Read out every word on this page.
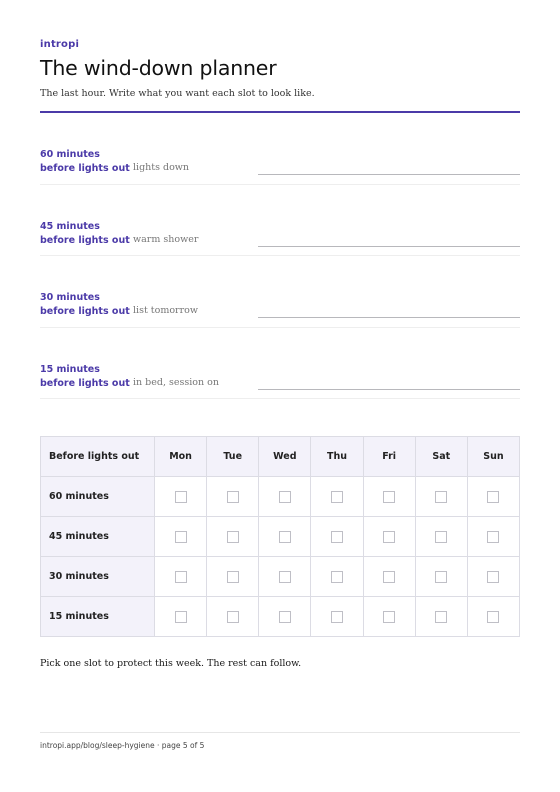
intropi
The wind-down planner
The last hour. Write what you want each slot to look like.
60 minutes
before lights out lights down
45 minutes
before lights out warm shower
30 minutes
before lights out list tomorrow
15 minutes
before lights out in bed, session on
Before lights out	Mon	Tue	Wed	Thu	Fri	Sat	Sun
60 minutes							
45 minutes							
30 minutes							
15 minutes							
Pick one slot to protect this week. The rest can follow.
intropi.app/blog/sleep-hygiene · page 5 of 5
